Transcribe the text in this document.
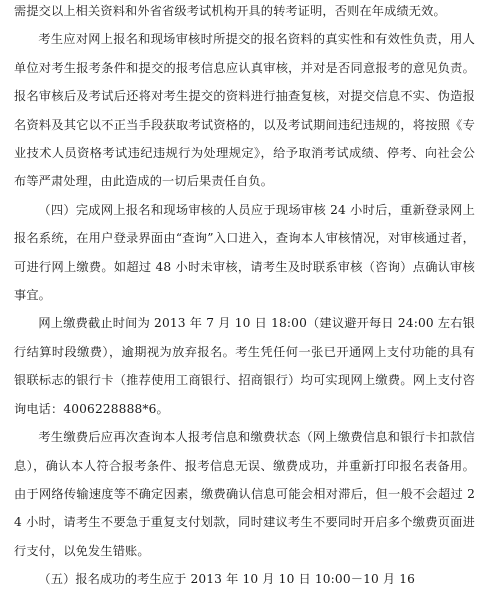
需提交以上相关资料和外省省级考试机构开具的转考证明，否则在年成绩无效。

考生应对网上报名和现场审核时所提交的报名资料的真实性和有效性负责，用人单位对考生报考条件和提交的报考信息应认真审核，并对是否同意报考的意见负责。报名审核后及考试后还将对考生提交的资料进行抽查复核，对提交信息不实、伪造报名资料及其它以不正当手段获取考试资格的，以及考试期间违纪违规的，将按照《专业技术人员资格考试违纪违规行为处理规定》，给予取消考试成绩、停考、向社会公布等严肃处理，由此造成的一切后果责任自负。

（四）完成网上报名和现场审核的人员应于现场审核 24 小时后，重新登录网上报名系统，在用户登录界面由“查询”入口进入，查询本人审核情况，对审核通过者，可进行网上缴费。如超过 48 小时未审核，请考生及时联系审核（咨询）点确认审核事宜。

网上缴费截止时间为 2013 年 7 月 10 日 18:00（建议避开每日 24:00 左右银行结算时段缴费），逾期视为放弃报名。考生凭任何一张已开通网上支付功能的具有银联标志的银行卡（推荐使用工商银行、招商银行）均可实现网上缴费。网上支付咨询电话：4006228888*6。

考生缴费后应再次查询本人报考信息和缴费状态（网上缴费信息和银行卡扣款信息），确认本人符合报考条件、报考信息无误、缴费成功，并重新打印报名表备用。由于网络传输速度等不确定因素，缴费确认信息可能会相对滞后，但一般不会超过 24 小时，请考生不要急于重复支付划款，同时建议考生不要同时开启多个缴费页面进行支付，以免发生错账。

（五）报名成功的考生应于 2013 年 10 月 10 日 10:00－10 月 16
